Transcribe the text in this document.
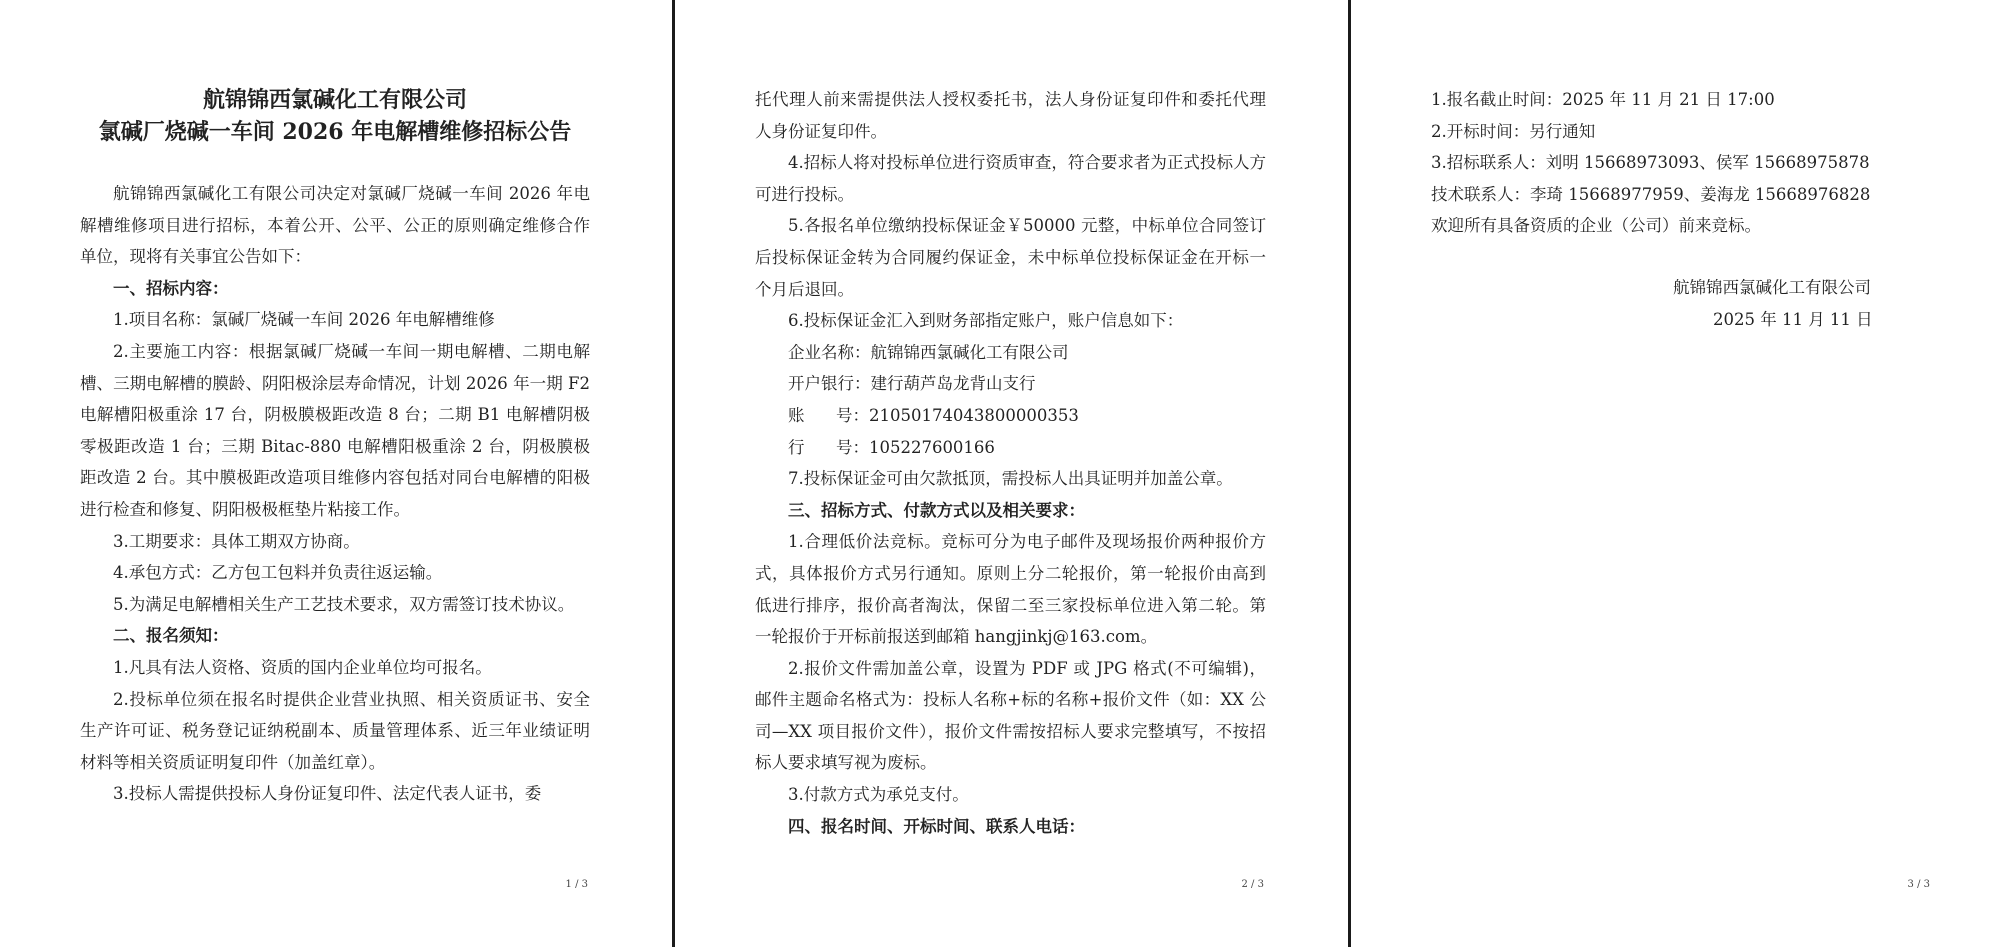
航锦锦西氯碱化工有限公司
氯碱厂烧碱一车间 2026 年电解槽维修招标公告

航锦锦西氯碱化工有限公司决定对氯碱厂烧碱一车间 2026 年电解槽维修项目进行招标，本着公开、公平、公正的原则确定维修合作单位，现将有关事宜公告如下：

一、招标内容：

1.项目名称：氯碱厂烧碱一车间 2026 年电解槽维修

2.主要施工内容：根据氯碱厂烧碱一车间一期电解槽、二期电解槽、三期电解槽的膜龄、阴阳极涂层寿命情况，计划 2026 年一期 F2 电解槽阳极重涂 17 台，阴极膜极距改造 8 台；二期 B1 电解槽阴极零极距改造 1 台；三期 Bitac-880 电解槽阳极重涂 2 台，阴极膜极距改造 2 台。其中膜极距改造项目维修内容包括对同台电解槽的阳极进行检查和修复、阴阳极极框垫片粘接工作。

3.工期要求：具体工期双方协商。

4.承包方式：乙方包工包料并负责往返运输。

5.为满足电解槽相关生产工艺技术要求，双方需签订技术协议。

二、报名须知：

1.凡具有法人资格、资质的国内企业单位均可报名。

2.投标单位须在报名时提供企业营业执照、相关资质证书、安全生产许可证、税务登记证纳税副本、质量管理体系、近三年业绩证明材料等相关资质证明复印件（加盖红章）。

3.投标人需提供投标人身份证复印件、法定代表人证书，委

1 / 3

托代理人前来需提供法人授权委托书，法人身份证复印件和委托代理人身份证复印件。

4.招标人将对投标单位进行资质审查，符合要求者为正式投标人方可进行投标。

5.各报名单位缴纳投标保证金￥50000 元整，中标单位合同签订后投标保证金转为合同履约保证金，未中标单位投标保证金在开标一个月后退回。

6.投标保证金汇入到财务部指定账户，账户信息如下：

企业名称：航锦锦西氯碱化工有限公司

开户银行：建行葫芦岛龙背山支行

账      号：21050174043800000353

行      号：105227600166

7.投标保证金可由欠款抵顶，需投标人出具证明并加盖公章。

三、招标方式、付款方式以及相关要求：

1.合理低价法竞标。竞标可分为电子邮件及现场报价两种报价方式，具体报价方式另行通知。原则上分二轮报价，第一轮报价由高到低进行排序，报价高者淘汰，保留二至三家投标单位进入第二轮。第一轮报价于开标前报送到邮箱 hangjinkj@163.com。

2.报价文件需加盖公章，设置为 PDF 或 JPG 格式(不可编辑)，邮件主题命名格式为：投标人名称+标的名称+报价文件（如：XX 公司—XX 项目报价文件），报价文件需按招标人要求完整填写，不按招标人要求填写视为废标。

3.付款方式为承兑支付。

四、报名时间、开标时间、联系人电话：

2 / 3

1.报名截止时间：2025 年 11 月 21 日 17:00

2.开标时间：另行通知

3.招标联系人：刘明 15668973093、侯军 15668975878

技术联系人：李琦 15668977959、姜海龙 15668976828

欢迎所有具备资质的企业（公司）前来竞标。

航锦锦西氯碱化工有限公司
2025 年 11 月 11 日
3 / 3
